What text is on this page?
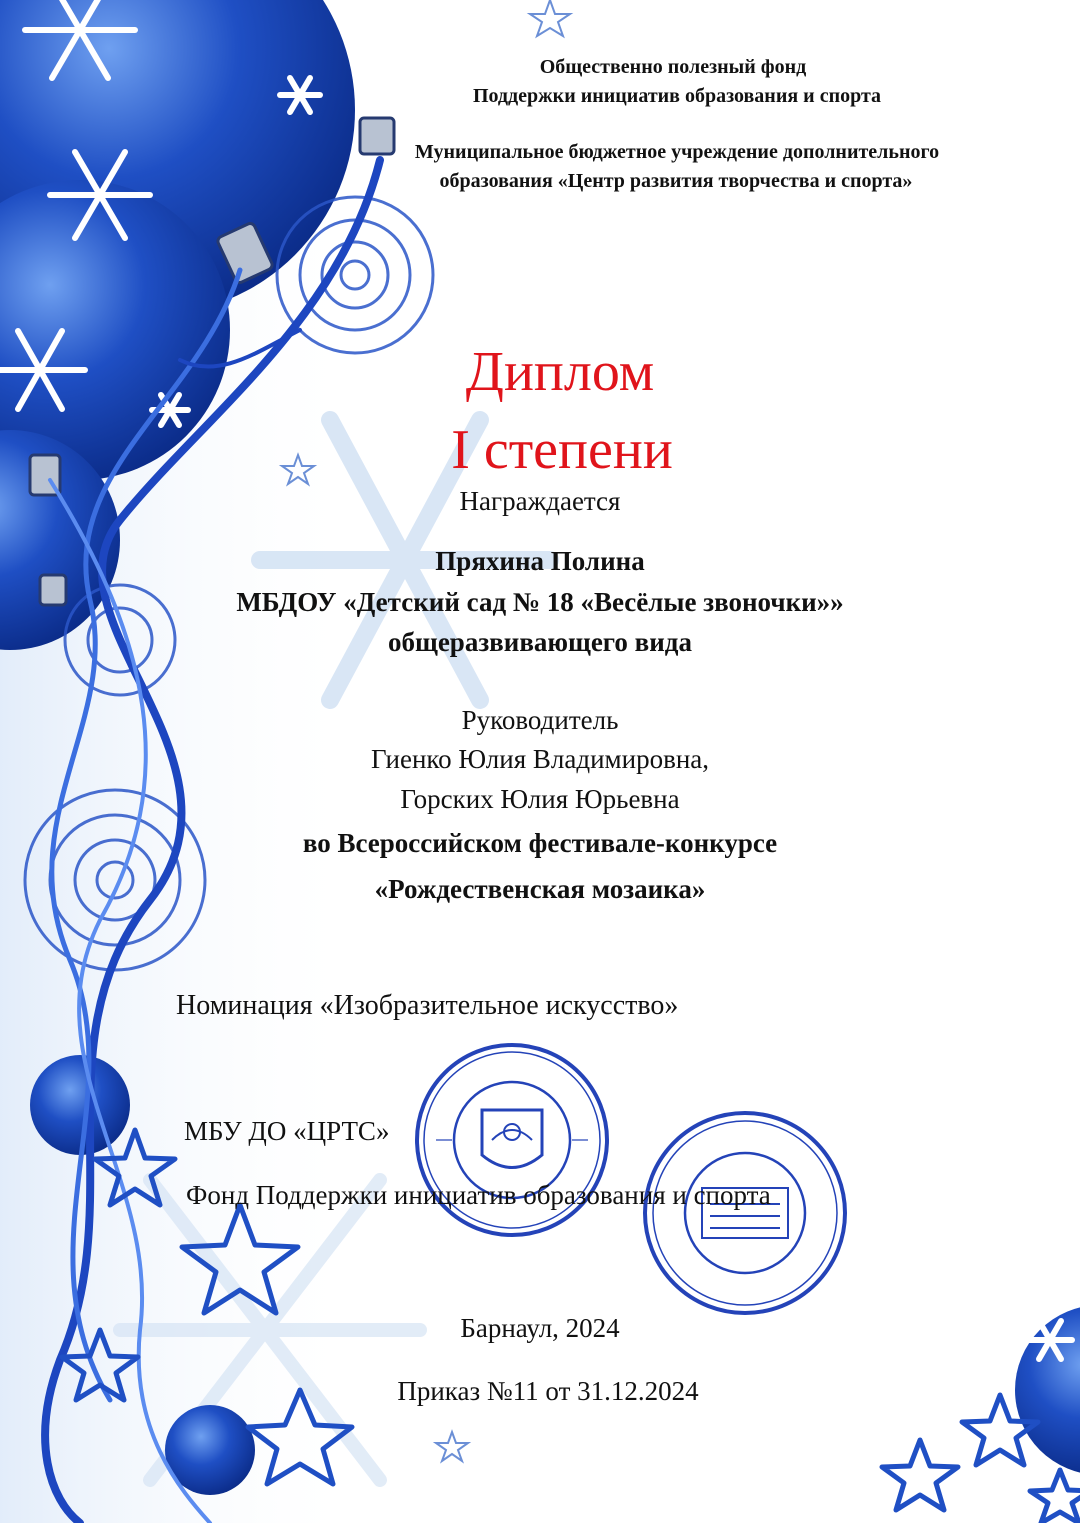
Общественно полезный фонд
Поддержки инициатив образования и спорта
Муниципальное бюджетное учреждение дополнительного
образования «Центр развития творчества и спорта»
Диплом
I степени
Награждается
Пряхина Полина
МБДОУ «Детский сад № 18 «Весёлые звоночки»»
общеразвивающего вида
Руководитель
Гиенко Юлия Владимировна,
Горских Юлия Юрьевна
во Всероссийском фестивале-конкурсе
«Рождественская мозаика»
Номинация «Изобразительное искусство»
МБУ ДО «ЦРТС»
Фонд Поддержки инициатив образования и спорта
Барнаул, 2024
Приказ №11 от 31.12.2024
